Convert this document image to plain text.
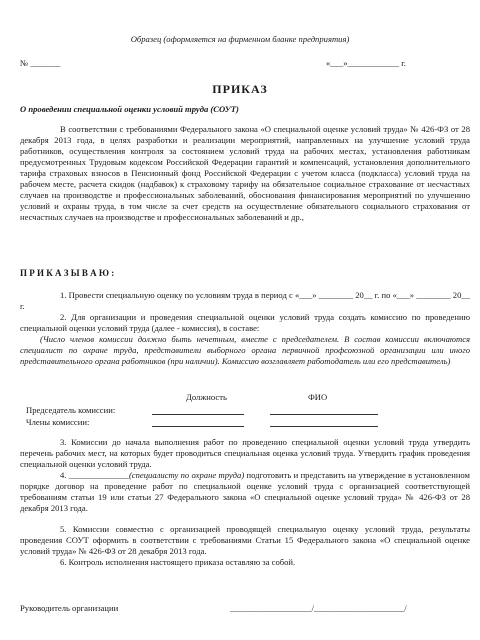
Образец (оформляется на фирменном бланке предприятия)
№ _______	«___»____________ г.
ПРИКАЗ
О проведении специальной оценки условий труда (СОУТ)
В соответствии с требованиями Федерального закона «О специальной оценке условий труда» № 426-ФЗ от 28 декабря 2013 года, в целях разработки и реализации мероприятий, направленных на улучшение условий труда работников, осуществления контроля за состоянием условий труда на рабочих местах, установления работникам предусмотренных Трудовым кодексом Российской Федерации гарантий и компенсаций, установления дополнительного тарифа страховых взносов в Пенсионный фонд Российской Федерации с учетом класса (подкласса) условий труда на рабочем месте, расчета скидок (надбавок) к страховому тарифу на обязательное социальное страхование от несчастных случаев на производстве и профессиональных заболеваний, обоснования финансирования мероприятий по улучшению условий и охраны труда, в том числе за счет средств на осуществление обязательного социального страхования от несчастных случаев на производстве и профессиональных заболеваний и др.,
П Р И К А З Ы В А Ю :
1. Провести специальную оценку по условиям труда в период с «___» ________ 20__ г. по «___» ________ 20__ г.
2. Для организации и проведения специальной оценки условий труда создать комиссию по проведению специальной оценки условий труда (далее - комиссия), в составе:
(Число членов комиссии должно быть нечетным, вместе с председателем. В состав комиссии включаются специалист по охране труда, представители выборного органа первичной профсоюзной организации или иного представительного органа работников (при наличии). Комиссию возглавляет работодатель или его представитель)
Должность	ФИО
Председатель комиссии:
Члены комиссии:
3. Комиссии до начала выполнения работ по проведению специальной оценки условий труда утвердить перечень рабочих мест, на которых будет проводиться специальная оценка условий труда. Утвердить график проведения специальной оценки условий труда.
4. ______________(специалисту по охране труда) подготовить и представить на утверждение в установленном порядке договор на проведение работ по специальной оценке условий труда с организацией соответствующей требованиям статьи 19 или статьи 27 Федерального закона «О специальной оценке условий труда» № 426-ФЗ от 28 декабря 2013 года.
5. Комиссии совместно с организацией проводящей специальную оценку условий труда, результаты проведения СОУТ оформить в соответствии с требованиями Статьи 15 Федерального закона «О специальной оценке условий труда» № 426-ФЗ от 28 декабря 2013 года.
6. Контроль исполнения настоящего приказа оставляю за собой.
Руководитель организации	___________________/_____________________/
